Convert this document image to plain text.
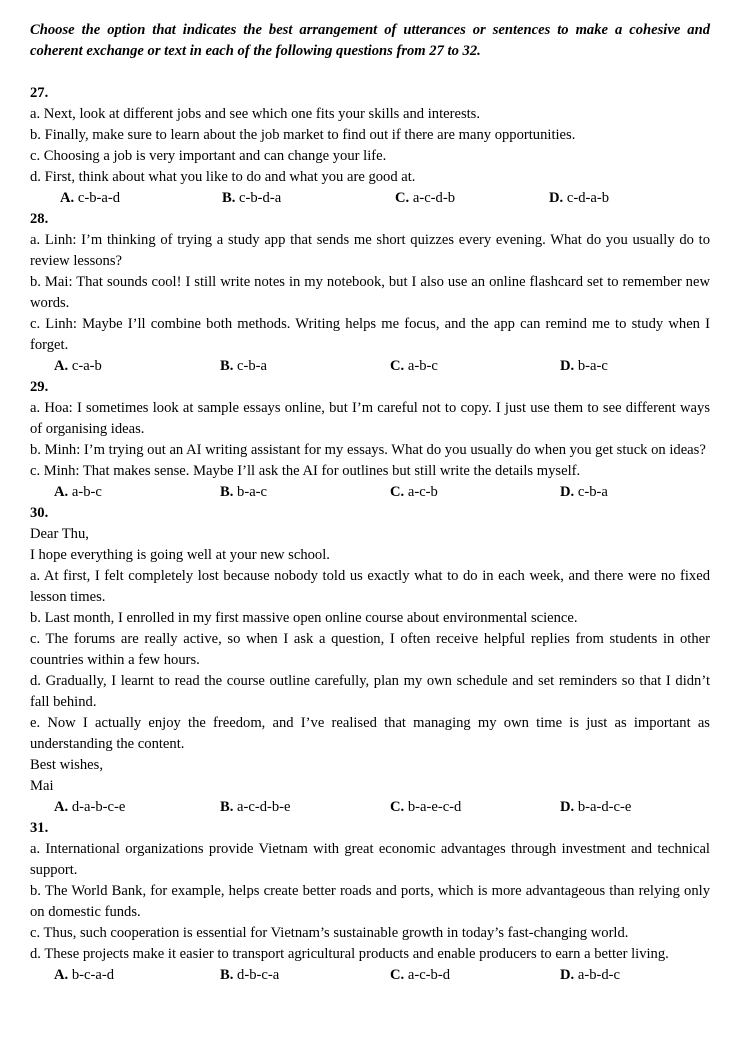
Choose the option that indicates the best arrangement of utterances or sentences to make a cohesive and coherent exchange or text in each of the following questions from 27 to 32.
27.
a. Next, look at different jobs and see which one fits your skills and interests.
b. Finally, make sure to learn about the job market to find out if there are many opportunities.
c. Choosing a job is very important and can change your life.
d. First, think about what you like to do and what you are good at.
A. c-b-a-d	B. c-b-d-a	C. a-c-d-b	D. c-d-a-b
28.
a. Linh: I’m thinking of trying a study app that sends me short quizzes every evening. What do you usually do to review lessons?
b. Mai: That sounds cool! I still write notes in my notebook, but I also use an online flashcard set to remember new words.
c. Linh: Maybe I’ll combine both methods. Writing helps me focus, and the app can remind me to study when I forget.
A. c-a-b	B. c-b-a	C. a-b-c	D. b-a-c
29.
a. Hoa: I sometimes look at sample essays online, but I’m careful not to copy. I just use them to see different ways of organising ideas.
b. Minh: I’m trying out an AI writing assistant for my essays. What do you usually do when you get stuck on ideas?
c. Minh: That makes sense. Maybe I’ll ask the AI for outlines but still write the details myself.
A. a-b-c	B. b-a-c	C. a-c-b	D. c-b-a
30.
Dear Thu,
I hope everything is going well at your new school.
a. At first, I felt completely lost because nobody told us exactly what to do in each week, and there were no fixed lesson times.
b. Last month, I enrolled in my first massive open online course about environmental science.
c. The forums are really active, so when I ask a question, I often receive helpful replies from students in other countries within a few hours.
d. Gradually, I learnt to read the course outline carefully, plan my own schedule and set reminders so that I didn’t fall behind.
e. Now I actually enjoy the freedom, and I’ve realised that managing my own time is just as important as understanding the content.
Best wishes,
Mai
A. d-a-b-c-e	B. a-c-d-b-e	C. b-a-e-c-d	D. b-a-d-c-e
31.
a. International organizations provide Vietnam with great economic advantages through investment and technical support.
b. The World Bank, for example, helps create better roads and ports, which is more advantageous than relying only on domestic funds.
c. Thus, such cooperation is essential for Vietnam’s sustainable growth in today’s fast-changing world.
d. These projects make it easier to transport agricultural products and enable producers to earn a better living.
A. b-c-a-d	B. d-b-c-a	C. a-c-b-d	D. a-b-d-c
